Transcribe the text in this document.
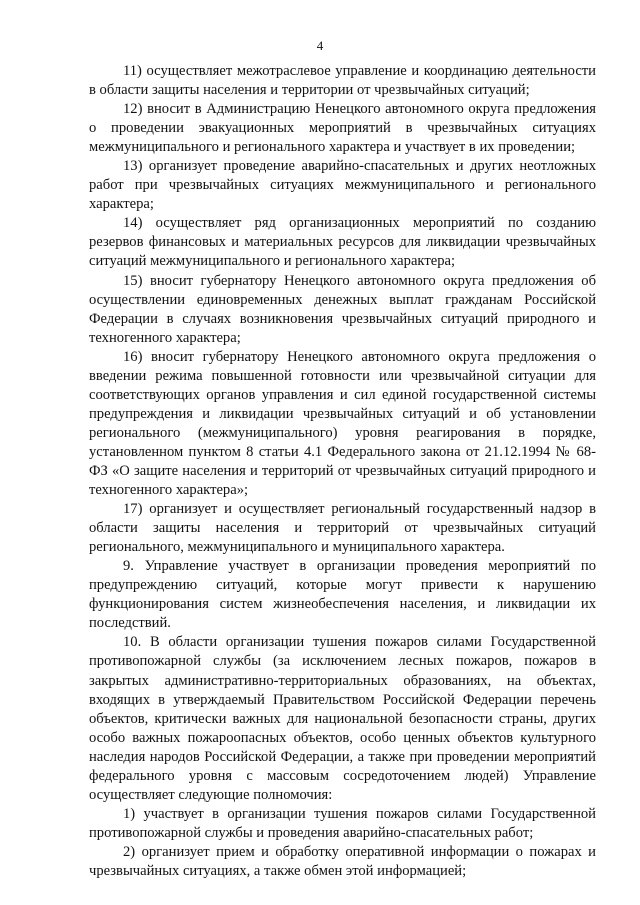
4

11) осуществляет межотраслевое управление и координацию деятельности в области защиты населения и территории от чрезвычайных ситуаций;

12) вносит в Администрацию Ненецкого автономного округа предложения о проведении эвакуационных мероприятий в чрезвычайных ситуациях межмуниципального и регионального характера и участвует в их проведении;

13) организует проведение аварийно-спасательных и других неотложных работ при чрезвычайных ситуациях межмуниципального и регионального характера;

14) осуществляет ряд организационных мероприятий по созданию резервов финансовых и материальных ресурсов для ликвидации чрезвычайных ситуаций межмуниципального и регионального характера;

15) вносит губернатору Ненецкого автономного округа предложения об осуществлении единовременных денежных выплат гражданам Российской Федерации в случаях возникновения чрезвычайных ситуаций природного и техногенного характера;

16) вносит губернатору Ненецкого автономного округа предложения о введении режима повышенной готовности или чрезвычайной ситуации для соответствующих органов управления и сил единой государственной системы предупреждения и ликвидации чрезвычайных ситуаций и об установлении регионального (межмуниципального) уровня реагирования в порядке, установленном пунктом 8 статьи 4.1 Федерального закона от 21.12.1994 № 68-ФЗ «О защите населения и территорий от чрезвычайных ситуаций природного и техногенного характера»;

17) организует и осуществляет региональный государственный надзор в области защиты населения и территорий от чрезвычайных ситуаций регионального, межмуниципального и муниципального характера.

9. Управление участвует в организации проведения мероприятий по предупреждению ситуаций, которые могут привести к нарушению функционирования систем жизнеобеспечения населения, и ликвидации их последствий.

10. В области организации тушения пожаров силами Государственной противопожарной службы (за исключением лесных пожаров, пожаров в закрытых административно-территориальных образованиях, на объектах, входящих в утверждаемый Правительством Российской Федерации перечень объектов, критически важных для национальной безопасности страны, других особо важных пожароопасных объектов, особо ценных объектов культурного наследия народов Российской Федерации, а также при проведении мероприятий федерального уровня с массовым сосредоточением людей) Управление осуществляет следующие полномочия:

1) участвует в организации тушения пожаров силами Государственной противопожарной службы и проведения аварийно-спасательных работ;

2) организует прием и обработку оперативной информации о пожарах и чрезвычайных ситуациях, а также обмен этой информацией;
